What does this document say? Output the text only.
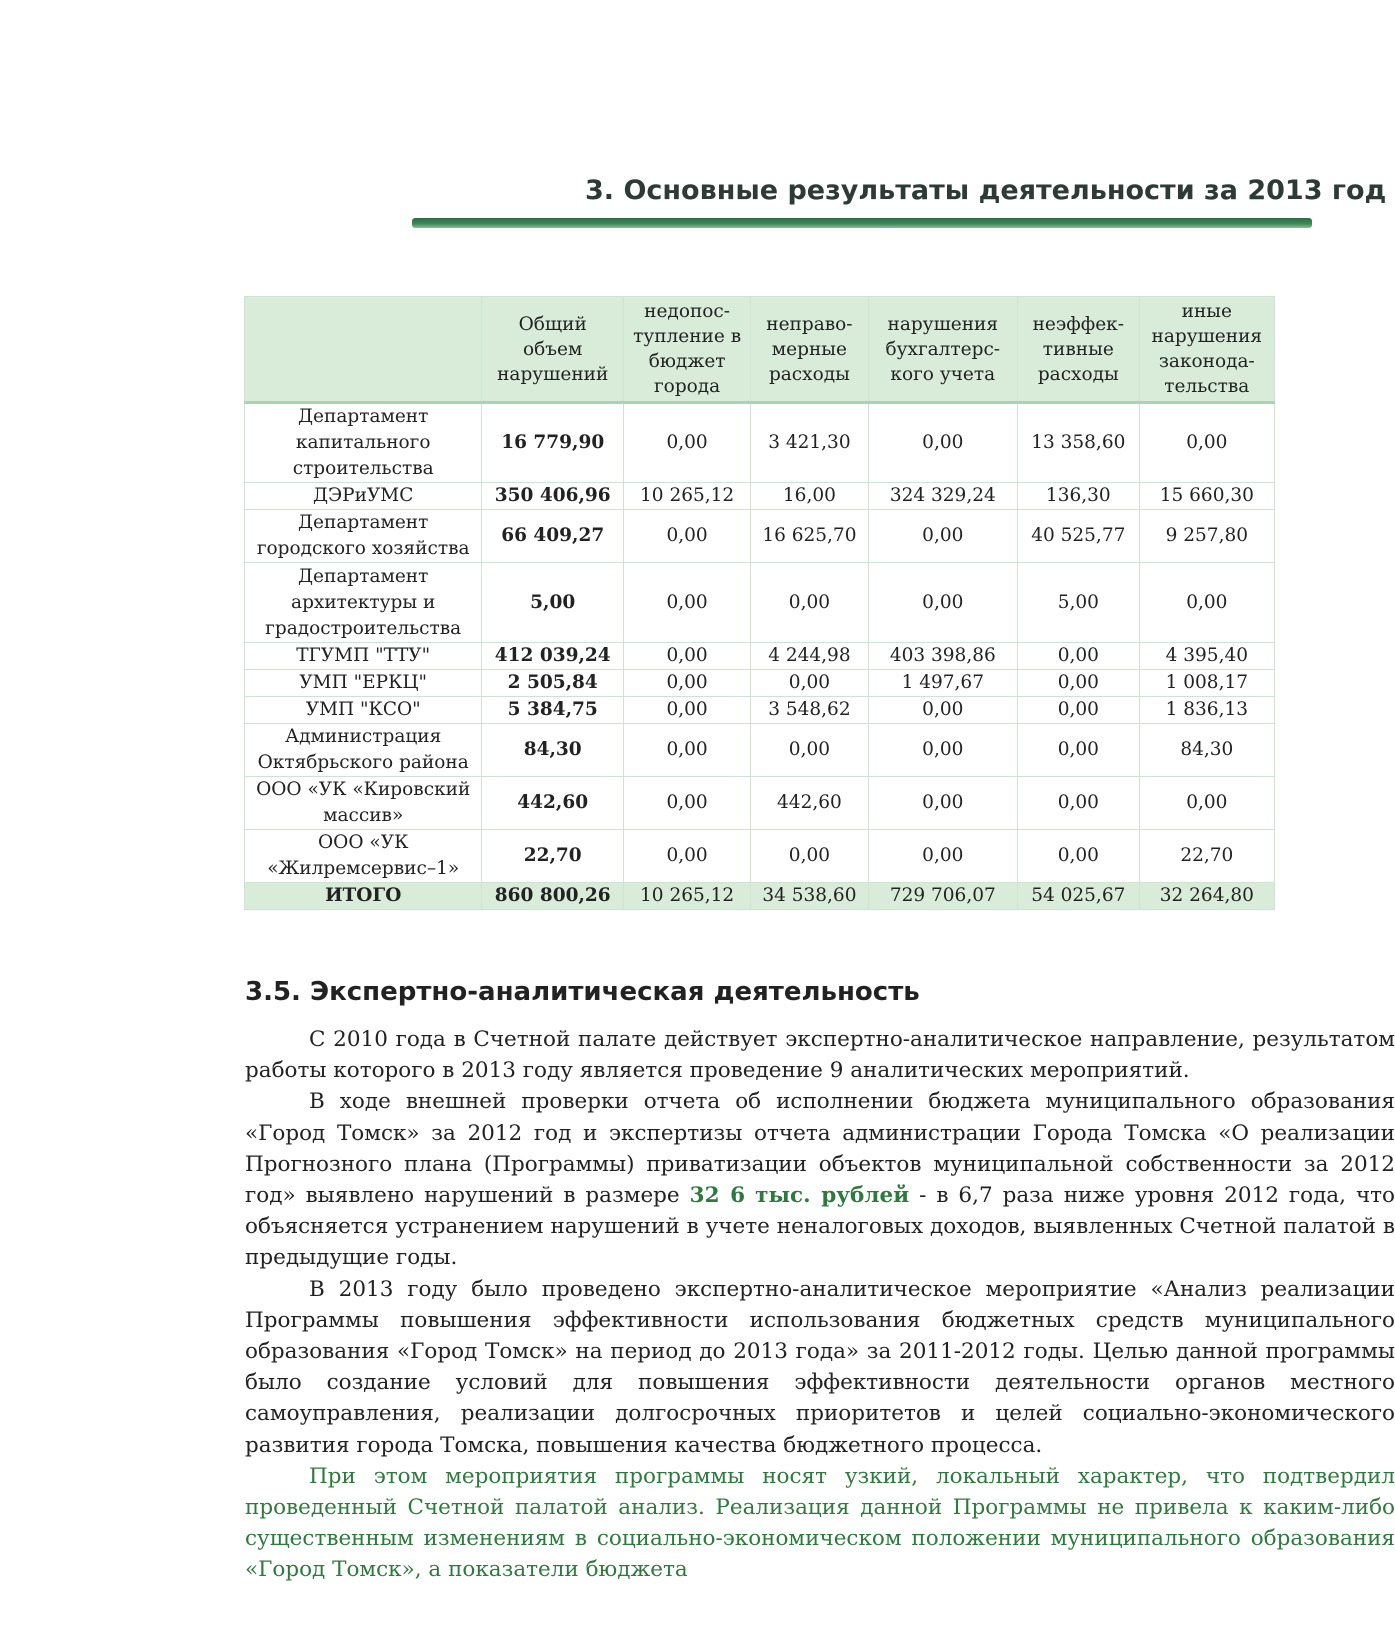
3. Основные результаты деятельности за 2013 год
	Общий объем нарушений	недопос-тупление в бюджет города	неправо-мерные расходы	нарушения бухгалтерс-кого учета	неэффек-тивные расходы	иные нарушения законода-тельства
Департамент капитального строительства	16 779,90	0,00	3 421,30	0,00	13 358,60	0,00
ДЭРиУМС	350 406,96	10 265,12	16,00	324 329,24	136,30	15 660,30
Департамент городского хозяйства	66 409,27	0,00	16 625,70	0,00	40 525,77	9 257,80
Департамент архитектуры и градостроительства	5,00	0,00	0,00	0,00	5,00	0,00
ТГУМП "ТТУ"	412 039,24	0,00	4 244,98	403 398,86	0,00	4 395,40
УМП "ЕРКЦ"	2 505,84	0,00	0,00	1 497,67	0,00	1 008,17
УМП "КСО"	5 384,75	0,00	3 548,62	0,00	0,00	1 836,13
Администрация Октябрьского района	84,30	0,00	0,00	0,00	0,00	84,30
ООО «УК «Кировский массив»	442,60	0,00	442,60	0,00	0,00	0,00
ООО «УК «Жилремсервис–1»	22,70	0,00	0,00	0,00	0,00	22,70
ИТОГО	860 800,26	10 265,12	34 538,60	729 706,07	54 025,67	32 264,80
3.5. Экспертно-аналитическая деятельность

С 2010 года в Счетной палате действует экспертно-аналитическое направление, результатом работы которого в 2013 году является проведение 9 аналитических мероприятий.

В ходе внешней проверки отчета об исполнении бюджета муниципального образования «Город Томск» за 2012 год и экспертизы отчета администрации Города Томска «О реализации Прогнозного плана (Программы) приватизации объектов муниципальной собственности за 2012 год» выявлено нарушений в размере 32 6 тыс. рублей - в 6,7 раза ниже уровня 2012 года, что объясняется устранением нарушений в учете неналоговых доходов, выявленных Счетной палатой в предыдущие годы.

В 2013 году было проведено экспертно-аналитическое мероприятие «Анализ реализации Программы повышения эффективности использования бюджетных средств муниципального образования «Город Томск» на период до 2013 года» за 2011-2012 годы. Целью данной программы было создание условий для повышения эффективности деятельности органов местного самоуправления, реализации долгосрочных приоритетов и целей социально-экономического развития города Томска, повышения качества бюджетного процесса.

При этом мероприятия программы носят узкий, локальный характер, что подтвердил проведенный Счетной палатой анализ. Реализация данной Программы не привела к каким-либо существенным изменениям в социально-экономическом положении муниципального образования «Город Томск», а показатели бюджета
